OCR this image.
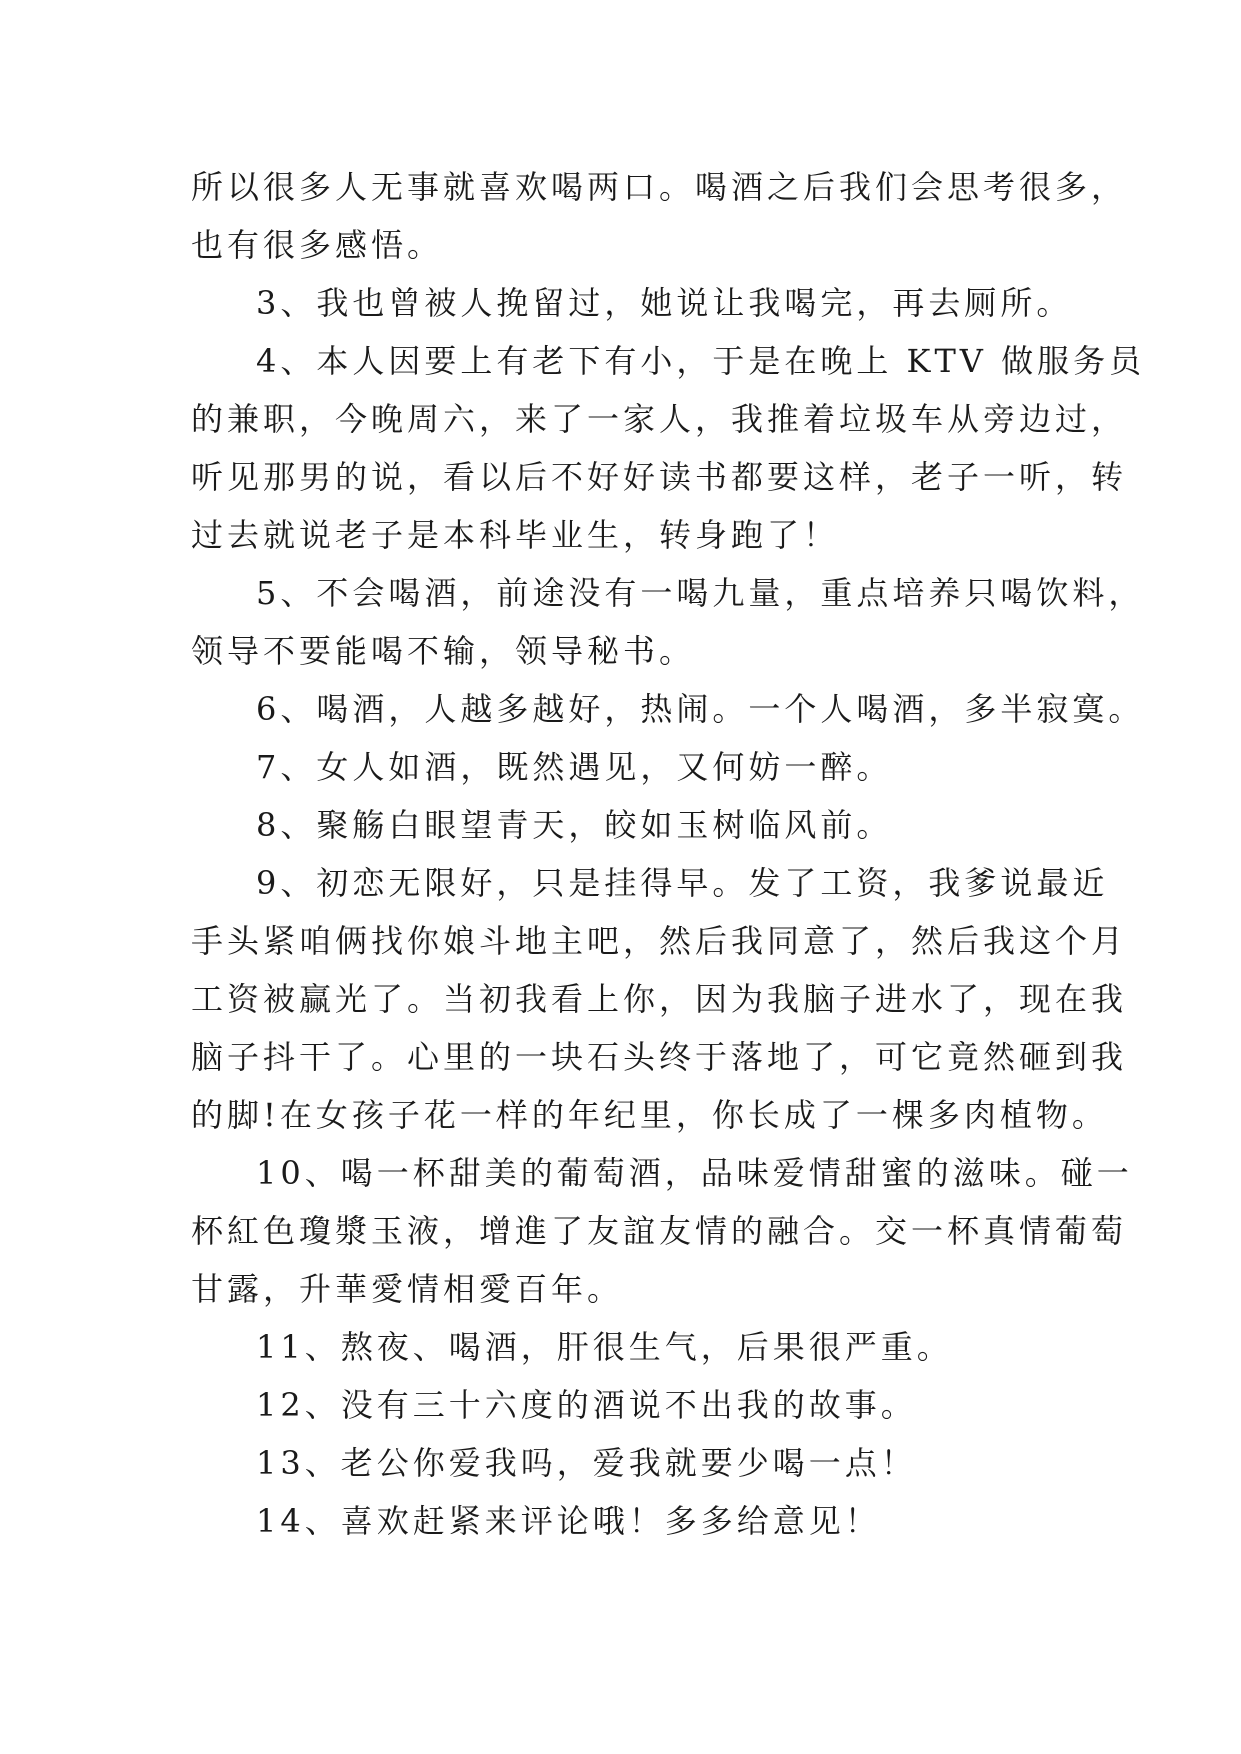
所以很多人无事就喜欢喝两口。喝酒之后我们会思考很多，
也有很多感悟。
3、我也曾被人挽留过，她说让我喝完，再去厕所。
4、本人因要上有老下有小，于是在晚上 KTV 做服务员
的兼职，今晚周六，来了一家人，我推着垃圾车从旁边过，
听见那男的说，看以后不好好读书都要这样，老子一听，转
过去就说老子是本科毕业生，转身跑了！
5、不会喝酒，前途没有一喝九量，重点培养只喝饮料，
领导不要能喝不输，领导秘书。
6、喝酒，人越多越好，热闹。一个人喝酒，多半寂寞。
7、女人如酒，既然遇见，又何妨一醉。
8、聚觞白眼望青天，皎如玉树临风前。
9、初恋无限好，只是挂得早。发了工资，我爹说最近
手头紧咱俩找你娘斗地主吧，然后我同意了，然后我这个月
工资被赢光了。当初我看上你，因为我脑子进水了，现在我
脑子抖干了。心里的一块石头终于落地了，可它竟然砸到我
的脚!在女孩子花一样的年纪里，你长成了一棵多肉植物。
10、喝一杯甜美的葡萄酒，品味爱情甜蜜的滋味。碰一
杯紅色瓊漿玉液，增進了友誼友情的融合。交一杯真情葡萄
甘露，升華愛情相愛百年。
11、熬夜、喝酒，肝很生气，后果很严重。
12、没有三十六度的酒说不出我的故事。
13、老公你爱我吗，爱我就要少喝一点！
14、喜欢赶紧来评论哦！多多给意见！
